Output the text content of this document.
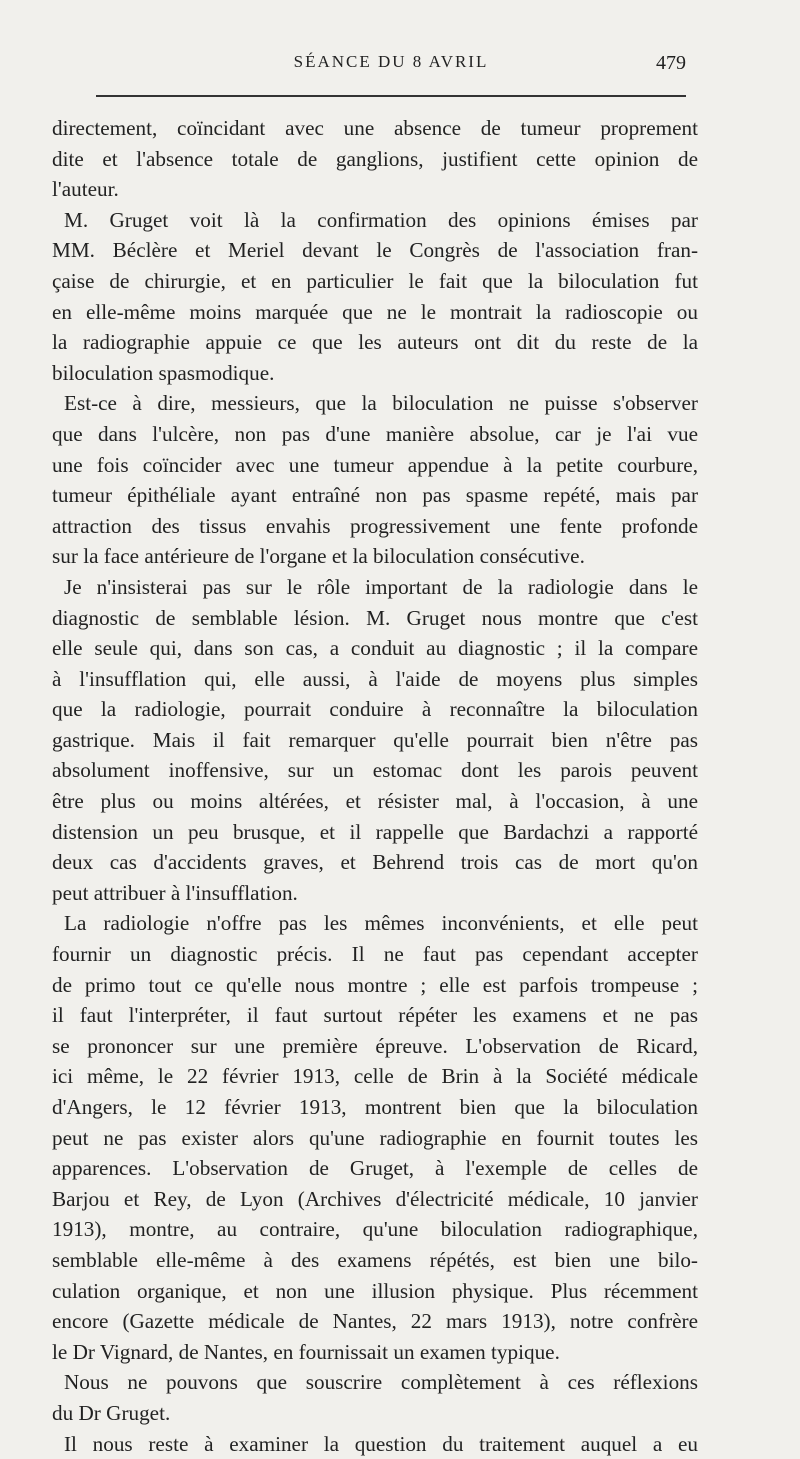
SÉANCE DU 8 AVRIL	479
directement, coïncidant avec une absence de tumeur proprement
dite et l'absence totale de ganglions, justifient cette opinion de
l'auteur.
M. Gruget voit là la confirmation des opinions émises par
MM. Béclère et Meriel devant le Congrès de l'association fran-
çaise de chirurgie, et en particulier le fait que la biloculation fut
en elle-même moins marquée que ne le montrait la radioscopie ou
la radiographie appuie ce que les auteurs ont dit du reste de la
biloculation spasmodique.
Est-ce à dire, messieurs, que la biloculation ne puisse s'observer
que dans l'ulcère, non pas d'une manière absolue, car je l'ai vue
une fois coïncider avec une tumeur appendue à la petite courbure,
tumeur épithéliale ayant entraîné non pas spasme repété, mais par
attraction des tissus envahis progressivement une fente profonde
sur la face antérieure de l'organe et la biloculation consécutive.
Je n'insisterai pas sur le rôle important de la radiologie dans le
diagnostic de semblable lésion. M. Gruget nous montre que c'est
elle seule qui, dans son cas, a conduit au diagnostic ; il la compare
à l'insufflation qui, elle aussi, à l'aide de moyens plus simples
que la radiologie, pourrait conduire à reconnaître la biloculation
gastrique. Mais il fait remarquer qu'elle pourrait bien n'être pas
absolument inoffensive, sur un estomac dont les parois peuvent
être plus ou moins altérées, et résister mal, à l'occasion, à une
distension un peu brusque, et il rappelle que Bardachzi a rapporté
deux cas d'accidents graves, et Behrend trois cas de mort qu'on
peut attribuer à l'insufflation.
La radiologie n'offre pas les mêmes inconvénients, et elle peut
fournir un diagnostic précis. Il ne faut pas cependant accepter
de primo tout ce qu'elle nous montre ; elle est parfois trompeuse ;
il faut l'interpréter, il faut surtout répéter les examens et ne pas
se prononcer sur une première épreuve. L'observation de Ricard,
ici même, le 22 février 1913, celle de Brin à la Société médicale
d'Angers, le 12 février 1913, montrent bien que la biloculation
peut ne pas exister alors qu'une radiographie en fournit toutes les
apparences. L'observation de Gruget, à l'exemple de celles de
Barjou et Rey, de Lyon (Archives d'électricité médicale, 10 janvier
1913), montre, au contraire, qu'une biloculation radiographique,
semblable elle-même à des examens répétés, est bien une bilo-
culation organique, et non une illusion physique. Plus récemment
encore (Gazette médicale de Nantes, 22 mars 1913), notre confrère
le Dr Vignard, de Nantes, en fournissait un examen typique.
Nous ne pouvons que souscrire complètement à ces réflexions
du Dr Gruget.
Il nous reste à examiner la question du traitement auquel a eu
